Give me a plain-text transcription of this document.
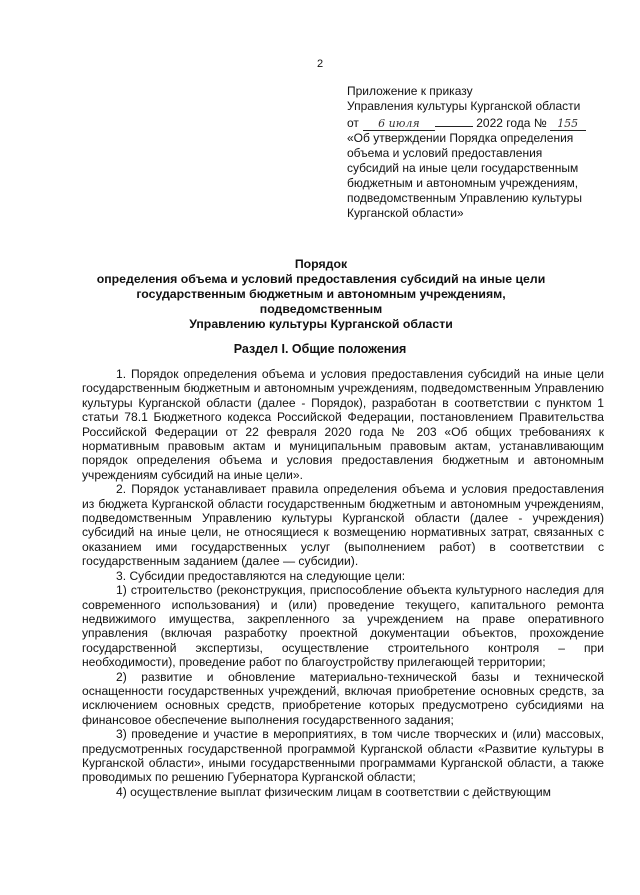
2
Приложение к приказу
Управления культуры Курганской области
от 6 июля	2022 года № 155
«Об утверждении Порядка определения
объема и условий предоставления
субсидий на иные цели государственным
бюджетным и автономным учреждениям,
подведомственным Управлению культуры
Курганской области»
Порядок
определения объема и условий предоставления субсидий на иные цели
государственным бюджетным и автономным учреждениям, подведомственным
Управлению культуры Курганской области
Раздел I. Общие положения

1. Порядок определения объема и условия предоставления субсидий на иные цели государственным бюджетным и автономным учреждениям, подведомственным Управлению культуры Курганской области (далее - Порядок), разработан в соответствии с пунктом 1 статьи 78.1 Бюджетного кодекса Российской Федерации, постановлением Правительства Российской Федерации от 22 февраля 2020 года № 203 «Об общих требованиях к нормативным правовым актам и муниципальным правовым актам, устанавливающим порядок определения объема и условия предоставления бюджетным и автономным учреждениям субсидий на иные цели».

2. Порядок устанавливает правила определения объема и условия предоставления из бюджета Курганской области государственным бюджетным и автономным учреждениям, подведомственным Управлению культуры Курганской области (далее - учреждения) субсидий на иные цели, не относящиеся к возмещению нормативных затрат, связанных с оказанием ими государственных услуг (выполнением работ) в соответствии с государственным заданием (далее — субсидии).

3. Субсидии предоставляются на следующие цели:

1) строительство (реконструкция, приспособление объекта культурного наследия для современного использования) и (или) проведение текущего, капитального ремонта недвижимого имущества, закрепленного за учреждением на праве оперативного управления (включая разработку проектной документации объектов, прохождение государственной экспертизы, осуществление строительного контроля – при необходимости), проведение работ по благоустройству прилегающей территории;

2) развитие и обновление материально-технической базы и технической оснащенности государственных учреждений, включая приобретение основных средств, за исключением основных средств, приобретение которых предусмотрено субсидиями на финансовое обеспечение выполнения государственного задания;

3) проведение и участие в мероприятиях, в том числе творческих и (или) массовых, предусмотренных государственной программой Курганской области «Развитие культуры в Курганской области», иными государственными программами Курганской области, а также проводимых по решению Губернатора Курганской области;

4) осуществление выплат физическим лицам в соответствии с действующим
